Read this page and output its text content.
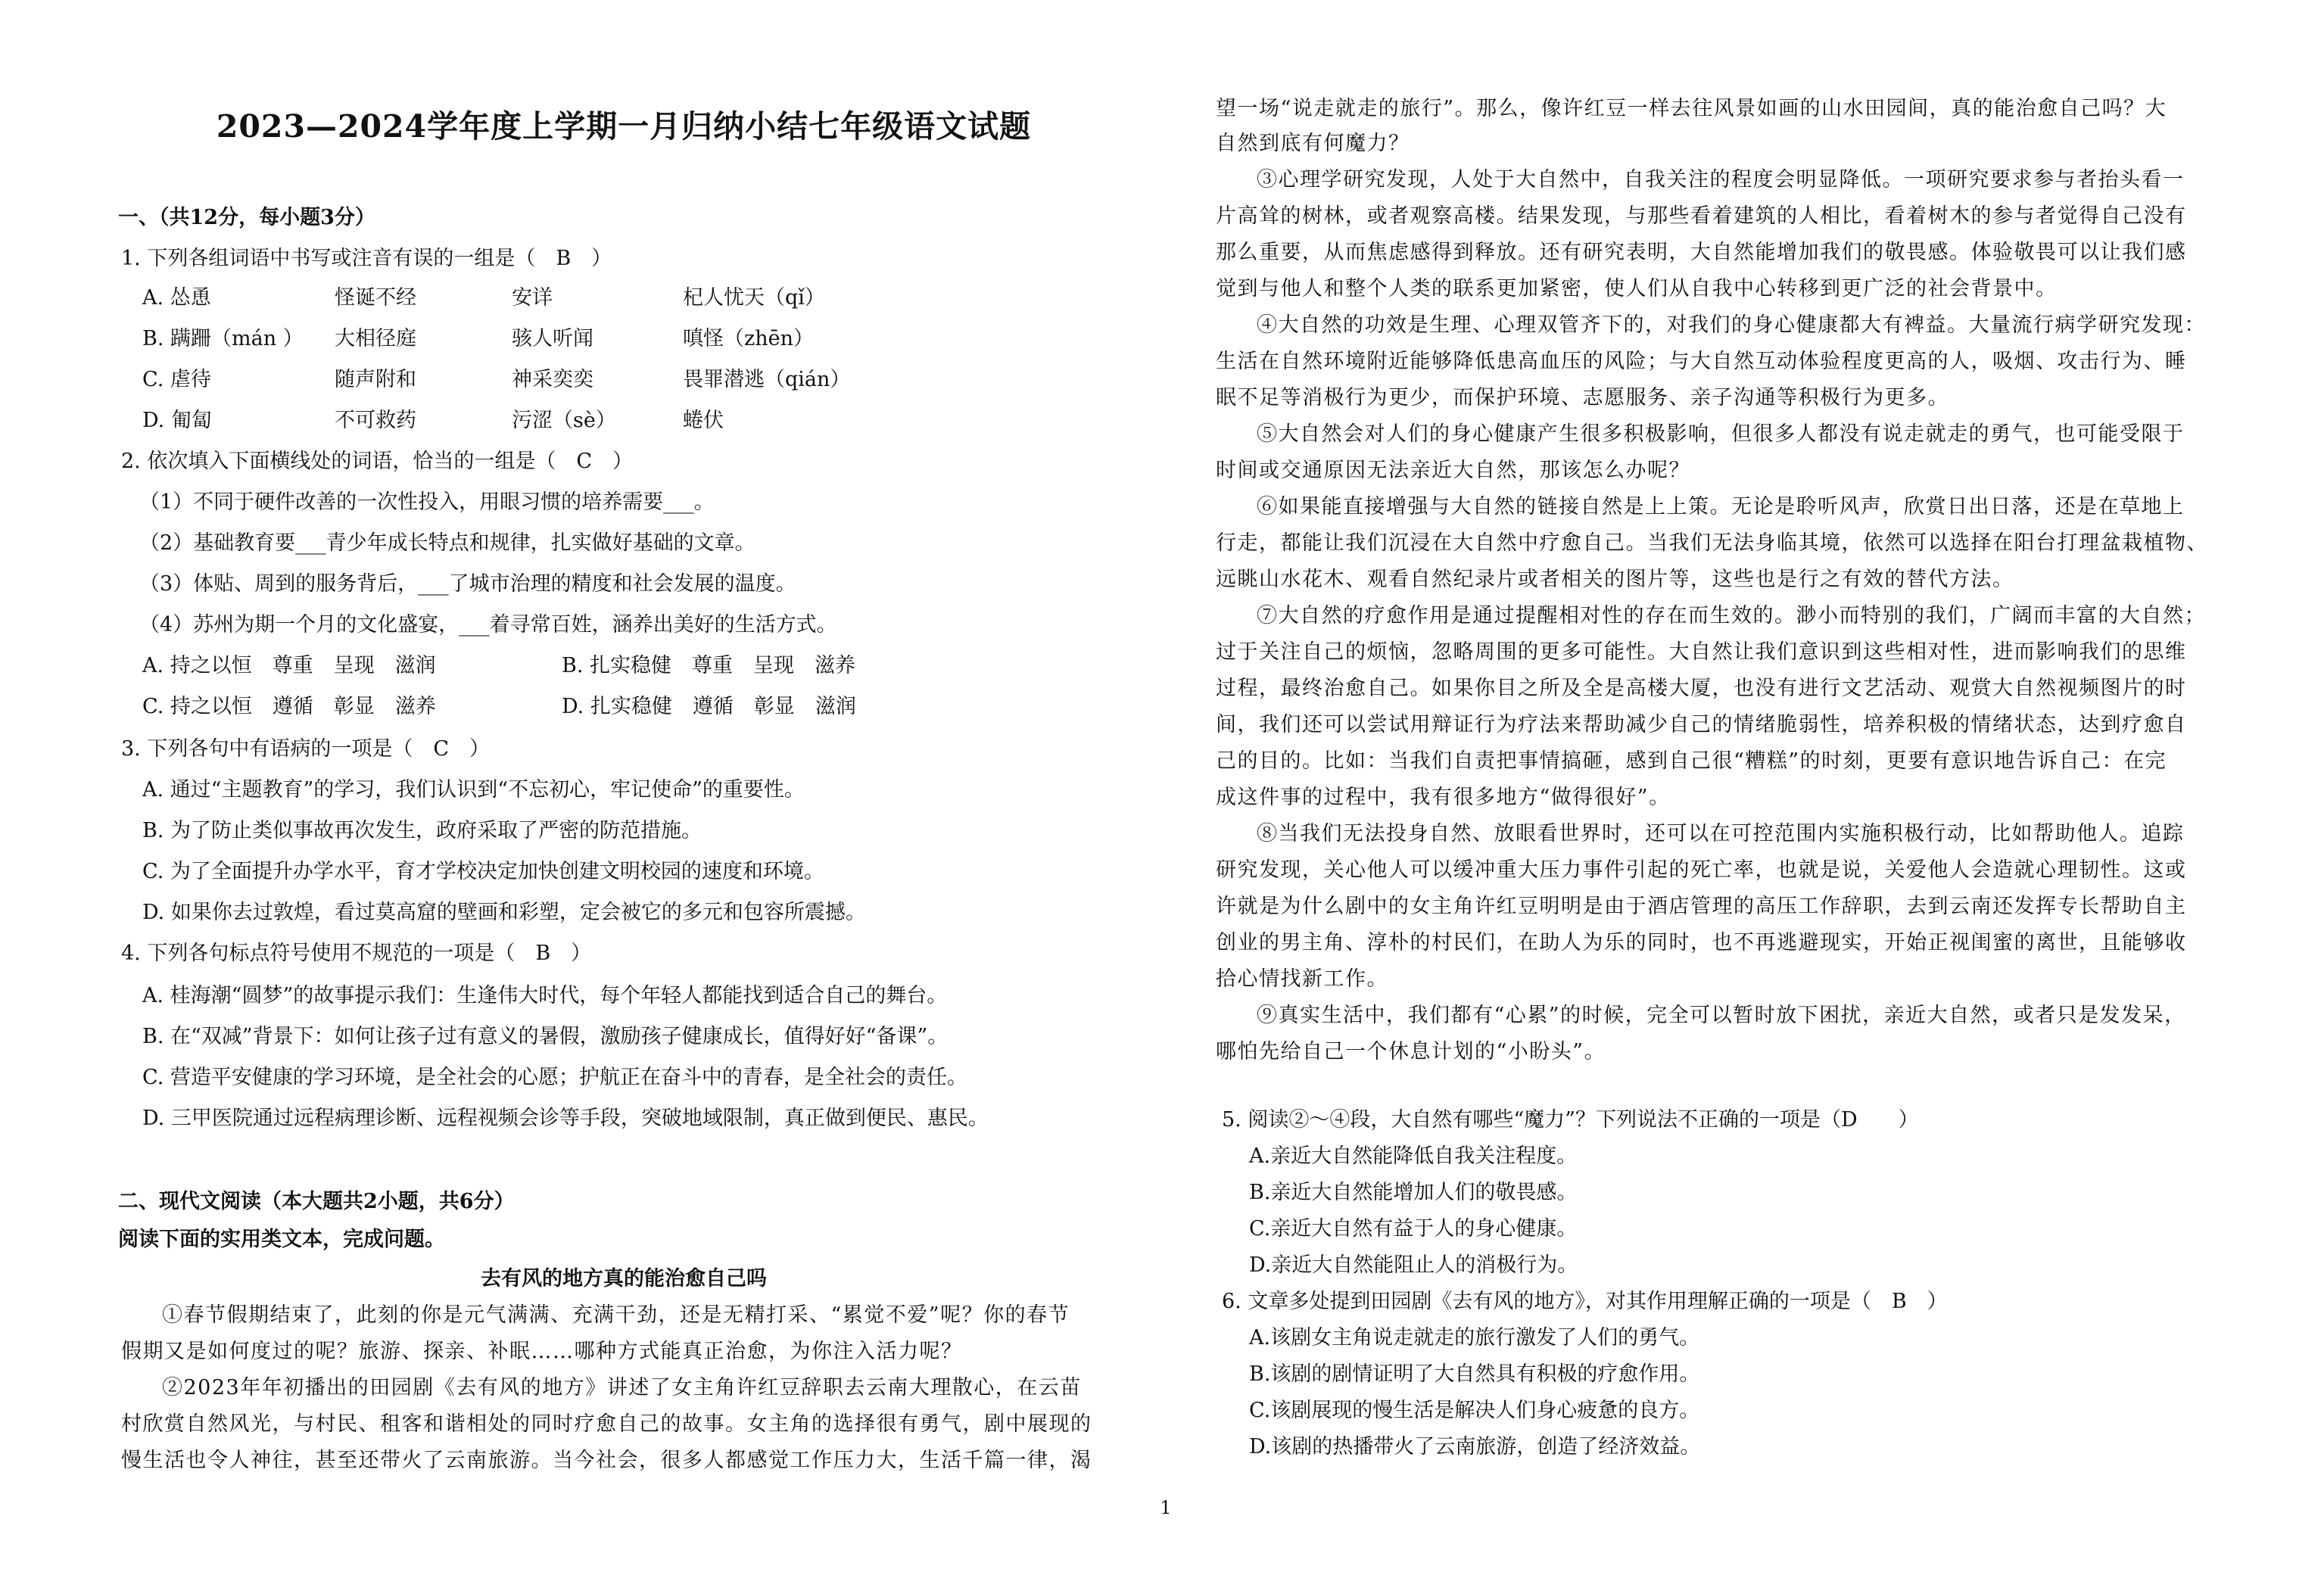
2023—2024学年度上学期一月归纳小结七年级语文试题
一、（共12分，每小题3分）
1. 下列各组词语中书写或注音有误的一组是（　B　）
A. 怂恿	怪诞不经	安详	杞人忧天（qǐ）
B. 蹒跚（mán ） 大相径庭	骇人听闻	嗔怪（zhēn）
C. 虐待	随声附和	神采奕奕	畏罪潜逃（qián）
D. 匍匐	不可救药	污涩（sè）	蜷伏
2. 依次填入下面横线处的词语，恰当的一组是（　C　）
（1）不同于硬件改善的一次性投入，用眼习惯的培养需要___。
（2）基础教育要___青少年成长特点和规律，扎实做好基础的文章。
（3）体贴、周到的服务背后，___了城市治理的精度和社会发展的温度。
（4）苏州为期一个月的文化盛宴，___着寻常百姓，涵养出美好的生活方式。
A. 持之以恒　尊重　呈现　滋润	B. 扎实稳健　尊重　呈现　滋养
C. 持之以恒　遵循　彰显　滋养	D. 扎实稳健　遵循　彰显　滋润
3. 下列各句中有语病的一项是（　C　）
A. 通过“主题教育”的学习，我们认识到“不忘初心，牢记使命”的重要性。
B. 为了防止类似事故再次发生，政府采取了严密的防范措施。
C. 为了全面提升办学水平，育才学校决定加快创建文明校园的速度和环境。
D. 如果你去过敦煌，看过莫高窟的壁画和彩塑，定会被它的多元和包容所震撼。
4. 下列各句标点符号使用不规范的一项是（　B　）
A. 桂海潮“圆梦”的故事提示我们：生逢伟大时代，每个年轻人都能找到适合自己的舞台。
B. 在“双减”背景下：如何让孩子过有意义的暑假，激励孩子健康成长，值得好好“备课”。
C. 营造平安健康的学习环境，是全社会的心愿；护航正在奋斗中的青春，是全社会的责任。
D. 三甲医院通过远程病理诊断、远程视频会诊等手段，突破地域限制，真正做到便民、惠民。
二、现代文阅读（本大题共2小题，共6分）
阅读下面的实用类文本，完成问题。
去有风的地方真的能治愈自己吗
①春节假期结束了，此刻的你是元气满满、充满干劲，还是无精打采、“累觉不爱”呢？你的春节
假期又是如何度过的呢？旅游、探亲、补眠……哪种方式能真正治愈，为你注入活力呢？
②2023年年初播出的田园剧《去有风的地方》讲述了女主角许红豆辞职去云南大理散心，在云苗
村欣赏自然风光，与村民、租客和谐相处的同时疗愈自己的故事。女主角的选择很有勇气，剧中展现的
慢生活也令人神往，甚至还带火了云南旅游。当今社会，很多人都感觉工作压力大，生活千篇一律，渴
望一场“说走就走的旅行”。那么，像许红豆一样去往风景如画的山水田园间，真的能治愈自己吗？大
自然到底有何魔力？
③心理学研究发现，人处于大自然中，自我关注的程度会明显降低。一项研究要求参与者抬头看一
片高耸的树林，或者观察高楼。结果发现，与那些看着建筑的人相比，看着树木的参与者觉得自己没有
那么重要，从而焦虑感得到释放。还有研究表明，大自然能增加我们的敬畏感。体验敬畏可以让我们感
觉到与他人和整个人类的联系更加紧密，使人们从自我中心转移到更广泛的社会背景中。
④大自然的功效是生理、心理双管齐下的，对我们的身心健康都大有裨益。大量流行病学研究发现：
生活在自然环境附近能够降低患高血压的风险；与大自然互动体验程度更高的人，吸烟、攻击行为、睡
眠不足等消极行为更少，而保护环境、志愿服务、亲子沟通等积极行为更多。
⑤大自然会对人们的身心健康产生很多积极影响，但很多人都没有说走就走的勇气，也可能受限于
时间或交通原因无法亲近大自然，那该怎么办呢？
⑥如果能直接增强与大自然的链接自然是上上策。无论是聆听风声，欣赏日出日落，还是在草地上
行走，都能让我们沉浸在大自然中疗愈自己。当我们无法身临其境，依然可以选择在阳台打理盆栽植物、
远眺山水花木、观看自然纪录片或者相关的图片等，这些也是行之有效的替代方法。
⑦大自然的疗愈作用是通过提醒相对性的存在而生效的。渺小而特别的我们，广阔而丰富的大自然；
过于关注自己的烦恼，忽略周围的更多可能性。大自然让我们意识到这些相对性，进而影响我们的思维
过程，最终治愈自己。如果你目之所及全是高楼大厦，也没有进行文艺活动、观赏大自然视频图片的时
间，我们还可以尝试用辩证行为疗法来帮助减少自己的情绪脆弱性，培养积极的情绪状态，达到疗愈自
己的目的。比如：当我们自责把事情搞砸，感到自己很“糟糕”的时刻，更要有意识地告诉自己：在完
成这件事的过程中，我有很多地方“做得很好”。
⑧当我们无法投身自然、放眼看世界时，还可以在可控范围内实施积极行动，比如帮助他人。追踪
研究发现，关心他人可以缓冲重大压力事件引起的死亡率，也就是说，关爱他人会造就心理韧性。这或
许就是为什么剧中的女主角许红豆明明是由于酒店管理的高压工作辞职，去到云南还发挥专长帮助自主
创业的男主角、淳朴的村民们，在助人为乐的同时，也不再逃避现实，开始正视闺蜜的离世，且能够收
拾心情找新工作。
⑨真实生活中，我们都有“心累”的时候，完全可以暂时放下困扰，亲近大自然，或者只是发发呆，
哪怕先给自己一个休息计划的“小盼头”。
5. 阅读②～④段，大自然有哪些“魔力”？下列说法不正确的一项是（D　　）
A.亲近大自然能降低自我关注程度。
B.亲近大自然能增加人们的敬畏感。
C.亲近大自然有益于人的身心健康。
D.亲近大自然能阻止人的消极行为。
6. 文章多处提到田园剧《去有风的地方》，对其作用理解正确的一项是（　B　）
A.该剧女主角说走就走的旅行激发了人们的勇气。
B.该剧的剧情证明了大自然具有积极的疗愈作用。
C.该剧展现的慢生活是解决人们身心疲惫的良方。
D.该剧的热播带火了云南旅游，创造了经济效益。
1
